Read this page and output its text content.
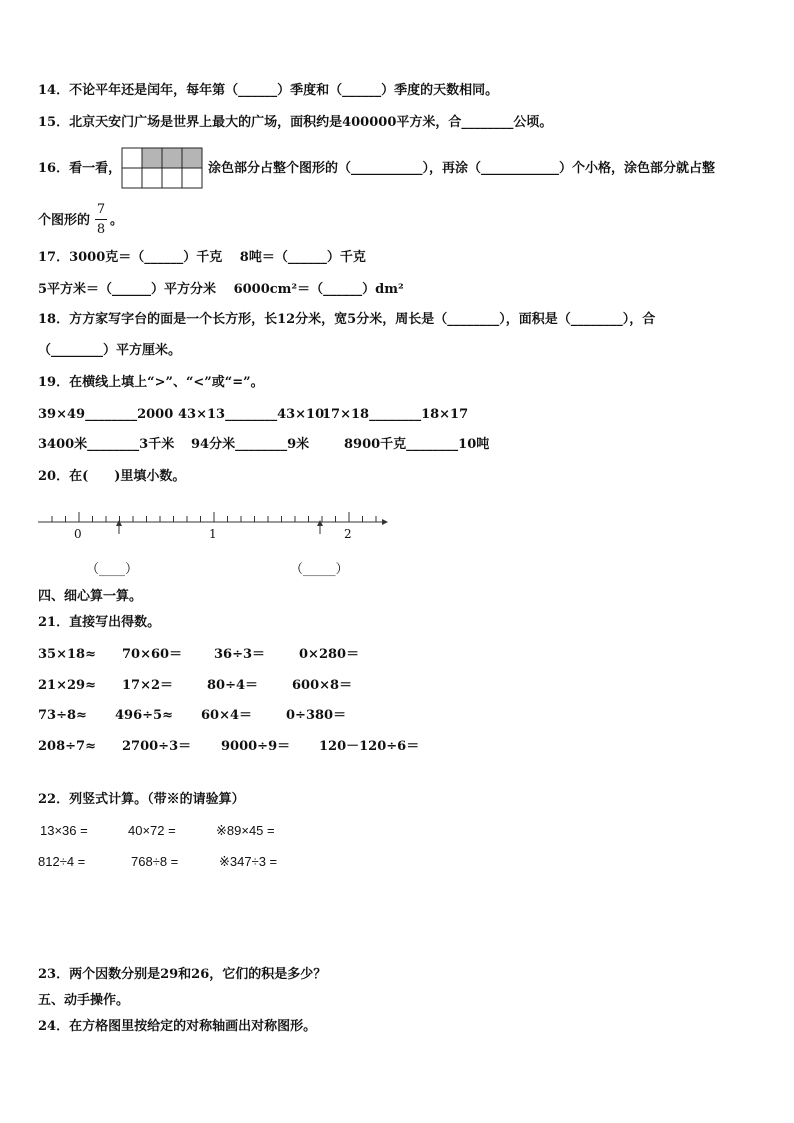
14．不论平年还是闰年，每年第（______）季度和（______）季度的天数相同。
15．北京天安门广场是世界上最大的广场，面积约是400000平方米，合________公顷。
16．看一看，	涂色部分占整个图形的（___________），再涂（____________）个小格，涂色部分就占整
个图形的
7
8
。
17．3000克＝（______）千克　 8吨＝（______）千克
5平方米＝（______）平方分米　 6000cm²＝（______）dm²
18．方方家写字台的面是一个长方形，长12分米，宽5分米，周长是（________），面积是（________），合
（________）平方厘米。
19．在横线上填上“>”、“<”或“=”。
39×49________2000 43×13________43×10
17×18________18×17
3400米________3千米 94分米________9米	8900千克________10吨
20．在(　　)里填小数。
0	1	2
（____）	（_____）
四、细心算一算。
21．直接写出得数。
35×18≈ 70×60＝ 36÷3＝	0×280＝
21×29≈ 17×2＝	80÷4＝	600×8＝
73÷8≈ 496÷5≈ 60×4＝	0÷380＝
208÷7≈ 2700÷3＝ 9000÷9＝ 120－120÷6＝
22．列竖式计算。（带※的请验算）
13×36 =	40×72 =	※89×45 =
812÷4 =	768÷8 =	※347÷3 =
23．两个因数分别是29和26，它们的积是多少？
五、动手操作。
24．在方格图里按给定的对称轴画出对称图形。
